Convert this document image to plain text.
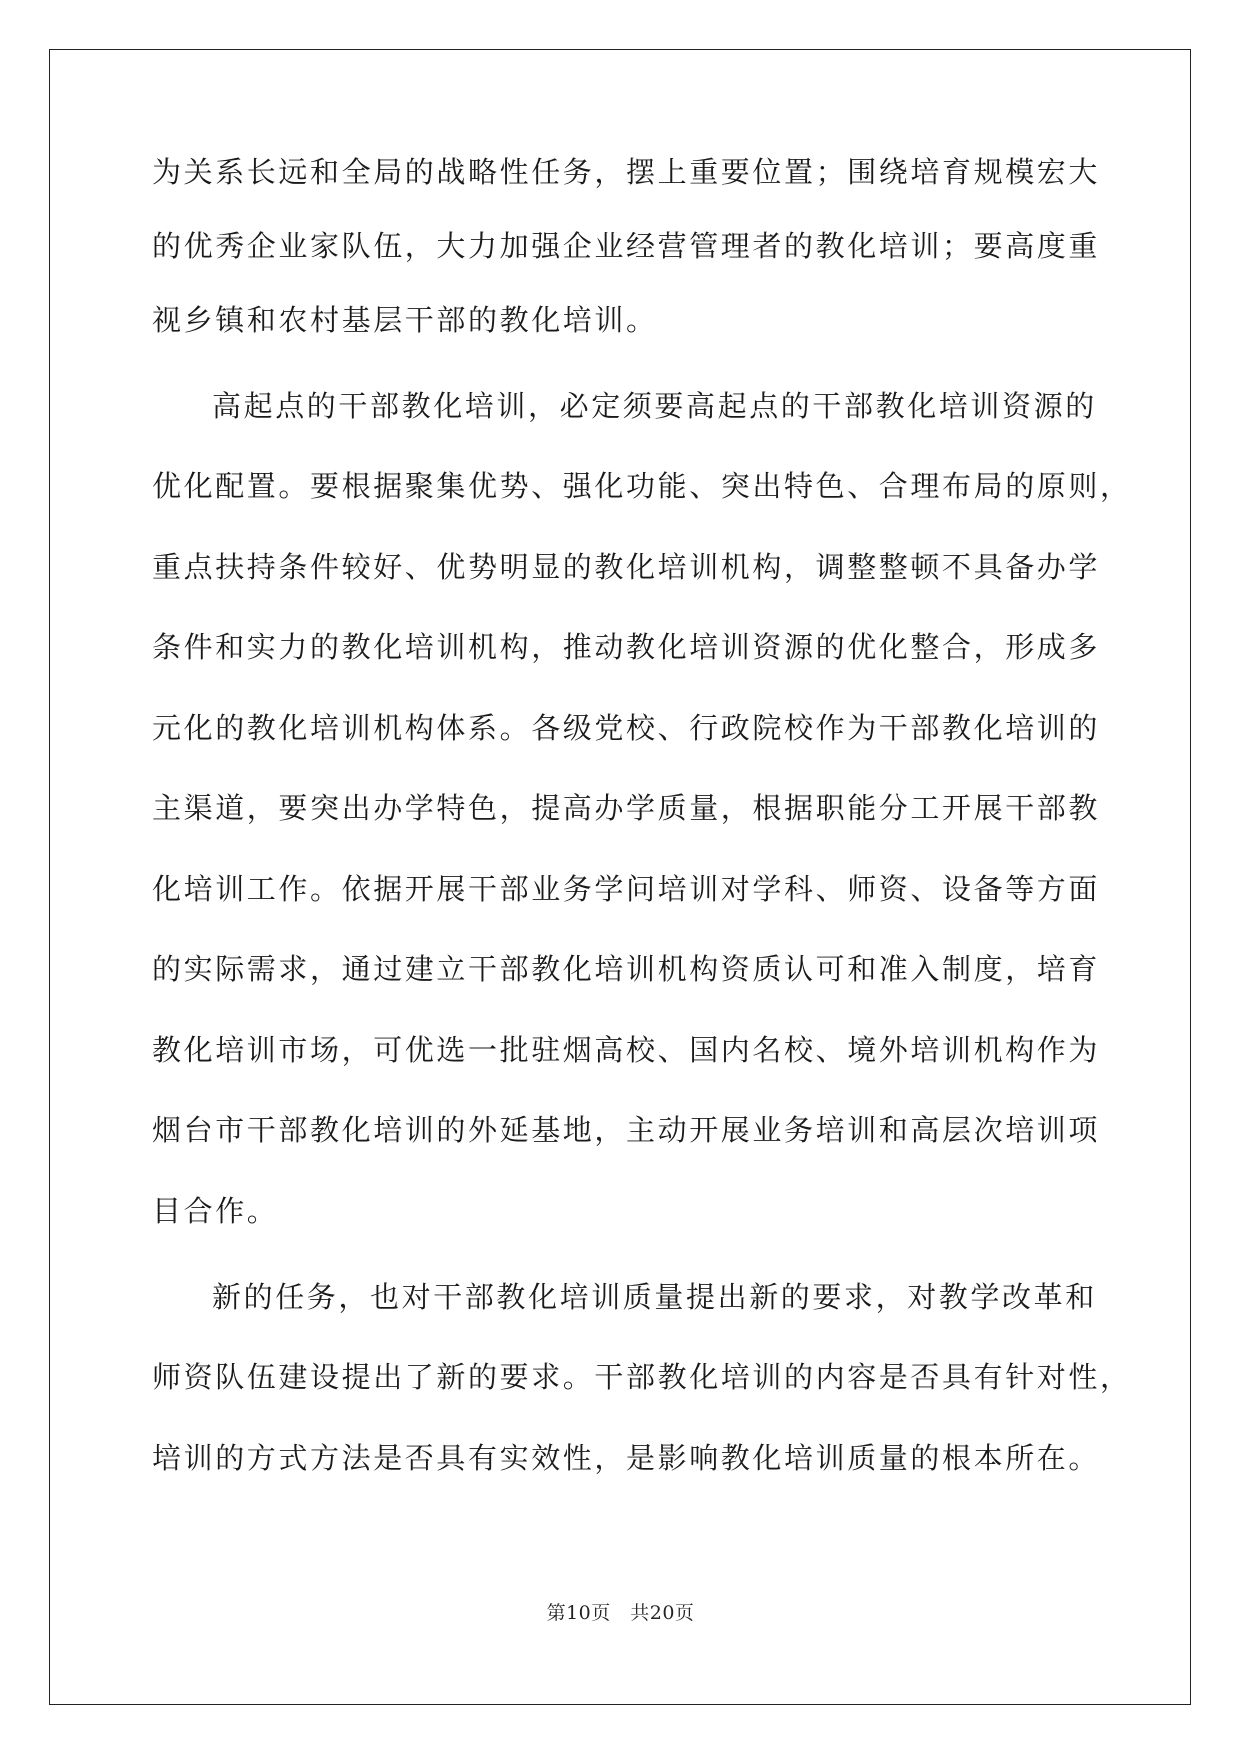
为关系长远和全局的战略性任务，摆上重要位置；围绕培育规模宏大

的优秀企业家队伍，大力加强企业经营管理者的教化培训；要高度重

视乡镇和农村基层干部的教化培训。

高起点的干部教化培训，必定须要高起点的干部教化培训资源的

优化配置。要根据聚集优势、强化功能、突出特色、合理布局的原则，

重点扶持条件较好、优势明显的教化培训机构，调整整顿不具备办学

条件和实力的教化培训机构，推动教化培训资源的优化整合，形成多

元化的教化培训机构体系。各级党校、行政院校作为干部教化培训的

主渠道，要突出办学特色，提高办学质量，根据职能分工开展干部教

化培训工作。依据开展干部业务学问培训对学科、师资、设备等方面

的实际需求，通过建立干部教化培训机构资质认可和准入制度，培育

教化培训市场，可优选一批驻烟高校、国内名校、境外培训机构作为

烟台市干部教化培训的外延基地，主动开展业务培训和高层次培训项

目合作。

新的任务，也对干部教化培训质量提出新的要求，对教学改革和

师资队伍建设提出了新的要求。干部教化培训的内容是否具有针对性，

培训的方式方法是否具有实效性，是影响教化培训质量的根本所在。

第10页　共20页
